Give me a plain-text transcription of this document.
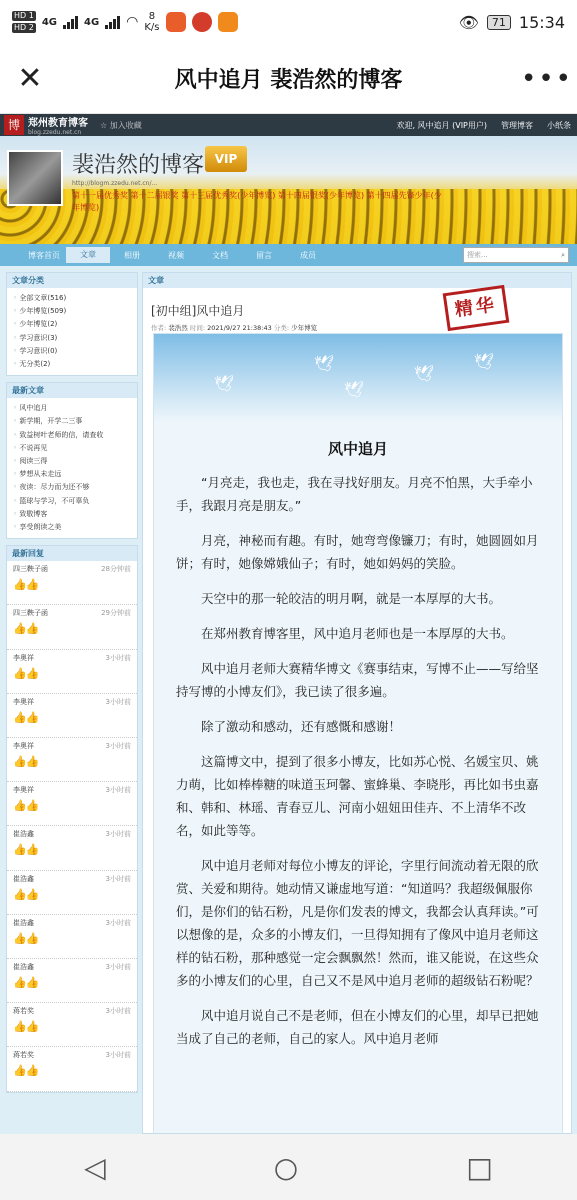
HD 1
HD 2 4G	4G ◠	8
K/s	👁	71 15:34
✕	风中追月 裴浩然的博客	•••
博 郑州教育博客
blog.zzedu.net.cn
☆ 加入收藏	欢迎, 风中追月 (VIP用户) 管理博客 小纸条
裴浩然的博客 VIP
http://blogm.zzedu.net.cn/...
第十一届优秀奖 第十二届银奖 第十三届优秀奖(少年博览) 第十四届银奖(少年博览) 第十四届先锋少年(少年博览)
博客首页	文章	相册	视频	文档	留言	成员	搜索...	⌕
文章分类
◦ 全部文章(516)
◦ 少年博览(509)
◦ 少年博览(2)
◦ 学习意识(3)
◦ 学习意识(0)
◦ 无分类(2)
最新文章
◦ 风中追月
◦ 新学期，开学二三事
◦ 致益树叶老师的信，请查收
◦ 不说再见
◦ 阅读三得
◦ 梦想从未走远
◦ 夜读：尽力而为还不够
◦ 篮球与学习，不可辜负
◦ 致敬博客
◦ 享受朗读之美
最新回复
四三鞅子函	28分钟前
👍👍
四三鞅子函	29分钟前
👍👍
李奥祥	3小时前
👍👍
李奥祥	3小时前
👍👍
李奥祥	3小时前
👍👍
李奥祥	3小时前
👍👍
崔浩鑫	3小时前
👍👍
崔浩鑫	3小时前
👍👍
崔浩鑫	3小时前
👍👍
崔浩鑫	3小时前
👍👍
蒋若奖	3小时前
👍👍
蒋若奖	3小时前
👍👍
文章
[初中组]风中追月
作者: 裴浩然 时间: 2021/9/27 21:38:43 分类: 少年博览
精华
🕊
🕊
🕊
🕊
🕊
风中追月

“月亮走，我也走，我在寻找好朋友。月亮不怕黑，大手牵小手，我跟月亮是朋友。”

月亮，神秘而有趣。有时，她弯弯像镰刀；有时，她圆圆如月饼；有时，她像嫦娥仙子；有时，她如妈妈的笑脸。

天空中的那一轮皎洁的明月啊，就是一本厚厚的大书。

在郑州教育博客里，风中追月老师也是一本厚厚的大书。

风中追月老师大赛精华博文《赛事结束，写博不止——写给坚持写博的小博友们》，我已读了很多遍。

除了激动和感动，还有感慨和感谢！

这篇博文中，提到了很多小博友，比如苏心悦、名媛宝贝、姚力萌，比如棒棒糖的味道玉珂馨、蜜蜂巢、李晓彤，再比如书虫嘉和、韩和、林瑶、青春豆儿、河南小妞妞田佳卉、不上清华不改名，如此等等。

风中追月老师对每位小博友的评论，字里行间流动着无限的欣赏、关爱和期待。她动情又谦虚地写道：“知道吗？我超级佩服你们，是你们的钻石粉，凡是你们发表的博文，我都会认真拜读。”可以想像的是，众多的小博友们，一旦得知拥有了像风中追月老师这样的钻石粉，那种感觉一定会飘飘然！然而，谁又能说，在这些众多的小博友们的心里，自己又不是风中追月老师的超级钻石粉呢？

风中追月说自己不是老师，但在小博友们的心里，却早已把她当成了自己的老师，自己的家人。风中追月老师

◁	○	□
